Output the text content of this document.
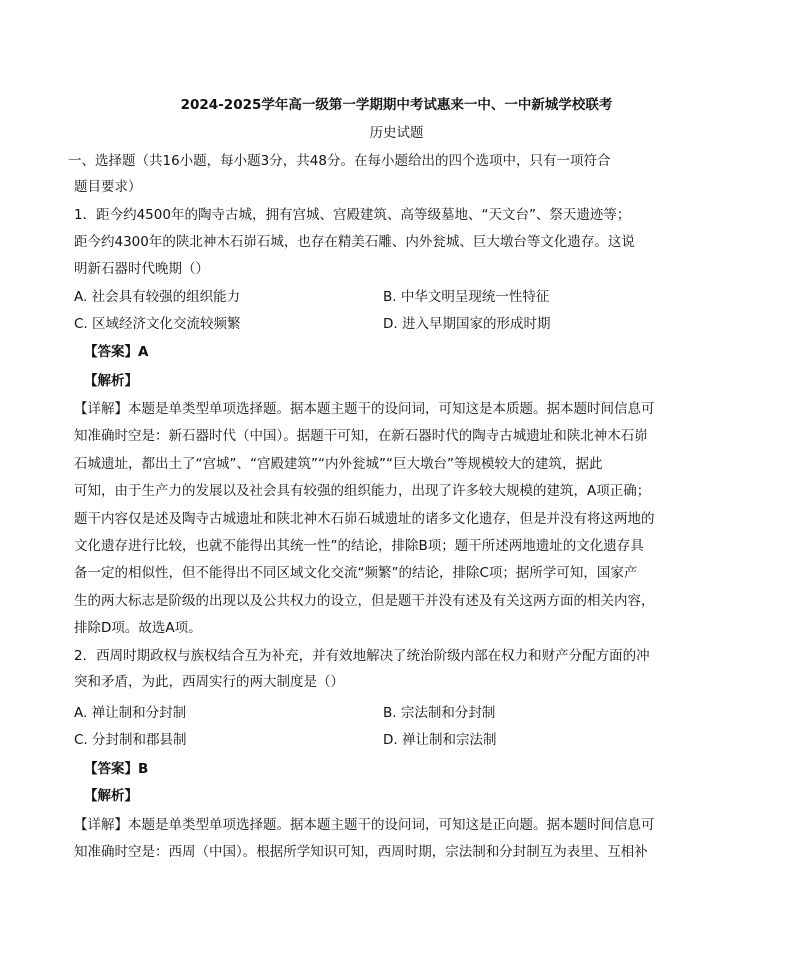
2024-2025学年高一级第一学期期中考试惠来一中、一中新城学校联考
历史试题
一、选择题（共16小题，每小题3分，共48分。在每小题给出的四个选项中，只有一项符合
题目要求）
1．距今约4500年的陶寺古城，拥有宫城、宫殿建筑、高等级墓地、“天文台”、祭天遗迹等；
距今约4300年的陕北神木石峁石城，也存在精美石雕、内外瓮城、巨大墩台等文化遗存。这说
明新石器时代晚期（）
A. 社会具有较强的组织能力	B. 中华文明呈现统一性特征
C. 区域经济文化交流较频繁	D. 进入早期国家的形成时期
【答案】A
【解析】
【详解】本题是单类型单项选择题。据本题主题干的设问词，可知这是本质题。据本题时间信息可
知准确时空是：新石器时代（中国）。据题干可知，在新石器时代的陶寺古城遗址和陕北神木石峁
石城遗址，都出土了“宫城”、“宫殿建筑”“内外瓮城”“巨大墩台”等规模较大的建筑，据此
可知，由于生产力的发展以及社会具有较强的组织能力，出现了许多较大规模的建筑，A项正确；
题干内容仅是述及陶寺古城遗址和陕北神木石峁石城遗址的诸多文化遗存，但是并没有将这两地的
文化遗存进行比较，也就不能得出其统一性”的结论，排除B项；题干所述两地遗址的文化遗存具
备一定的相似性，但不能得出不同区域文化交流“频繁”的结论，排除C项；据所学可知，国家产
生的两大标志是阶级的出现以及公共权力的设立，但是题干并没有述及有关这两方面的相关内容，
排除D项。故选A项。
2．西周时期政权与族权结合互为补充，并有效地解决了统治阶级内部在权力和财产分配方面的冲
突和矛盾，为此，西周实行的两大制度是（）
A. 禅让制和分封制	B. 宗法制和分封制
C. 分封制和郡县制	D. 禅让制和宗法制
【答案】B
【解析】
【详解】本题是单类型单项选择题。据本题主题干的设问词，可知这是正向题。据本题时间信息可
知准确时空是：西周（中国）。根据所学知识可知，西周时期，宗法制和分封制互为表里、互相补
